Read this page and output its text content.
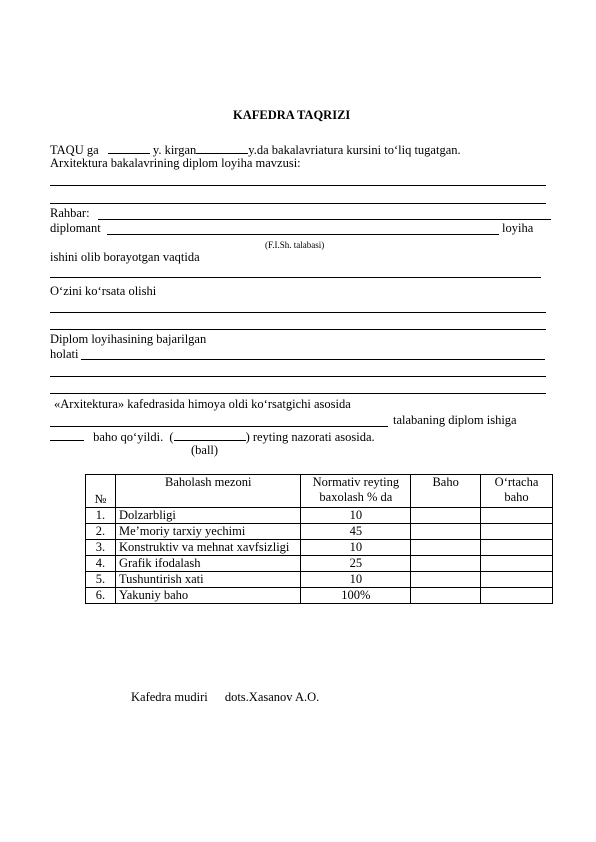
KAFEDRA TAQRIZI
TAQU ga	y. kirgan	y.da bakalavriatura kursini to‘liq tugatgan.
Arxitektura bakalavrining diplom loyiha mavzusi:
Rahbar:
diplomant	loyiha
(F.I.Sh. talabasi)
ishini olib borayotgan vaqtida
O‘zini ko‘rsata olishi
Diplom loyihasining bajarilgan
holati
«Arxitektura» kafedrasida himoya oldi ko‘rsatgichi asosida
talabaning diplom ishiga
baho qo‘yildi. (	) reyting nazorati asosida.
(ball)
№	Baholash mezoni	Normativ reyting baxolash % da	Baho	O‘rtacha baho
1.	Dolzarbligi	10		
2.	Me’moriy tarxiy yechimi	45		
3.	Konstruktiv va mehnat xavfsizligi	10		
4.	Grafik ifodalash	25		
5.	Tushuntirish xati	10		
6.	Yakuniy baho	100%		
Kafedra mudiri dots.Xasanov A.O.
